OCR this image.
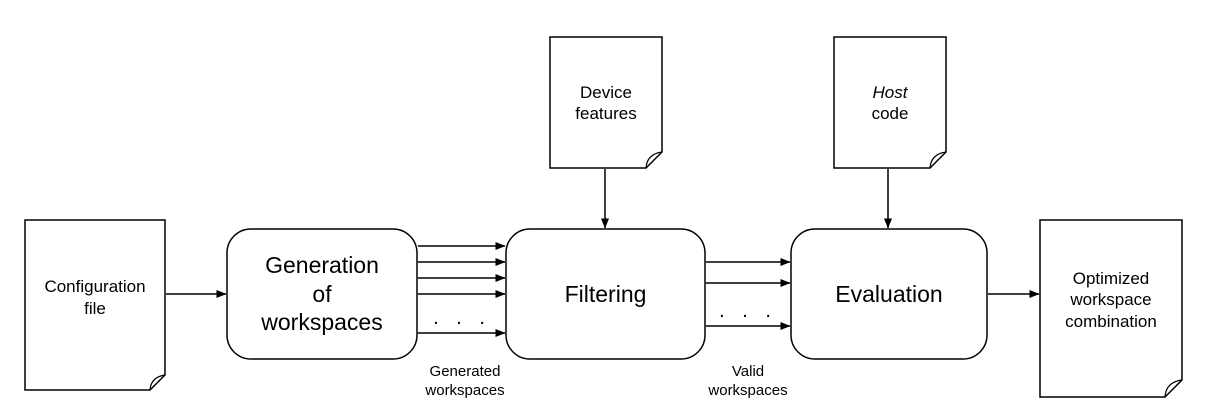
Configuration
file
Device
features
Host
code
Optimized
workspace
combination
Generation
of
workspaces
Filtering	Evaluation
. . .	. . .
Generated
workspaces
Valid
workspaces
